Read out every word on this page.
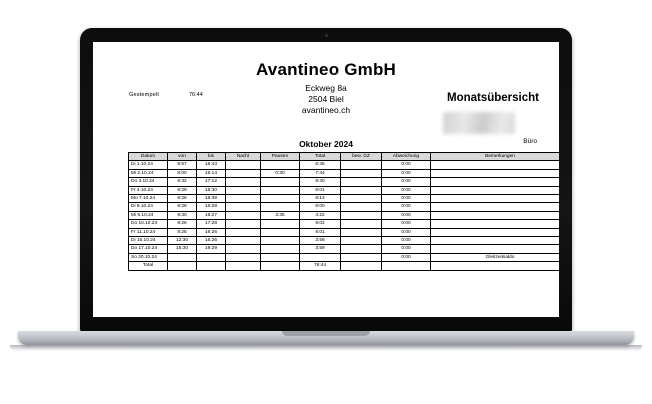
Gestempelt	76:44
Avantineo GmbH
Eckweg 8a
2504 Biel
avantineo.ch
Monatsübersicht
Büro
Oktober 2024
Datum	von	bis	Nacht	Pausen	Total	bew. GZ	Abweichung	Bemerkungen
Di 1.10.24	9:57	16:43			6:45		0:00	
Mi 2.10.24	8:00	16:14		0:30	7:44		0:00	
Do 3.10.24	8:32	17:12			8:40		0:00	
Fr 4.10.24	8:29	16:30			8:01		0:00	
Mo 7.10.24	8:26	16:39			8:13		0:00	
Di 8.10.24	8:28	16:28			8:00		0:00	
Mi 9.10.24	8:30	16:27		3:35	4:22		0:00	
Do 10.10.24	8:26	17:28			9:02		0:00	
Fr 11.10.24	8:25	16:26			8:01		0:00	
Di 15.10.24	12:30	16:26			3:56		0:00	
Do 17.10.24	15:30	19:29			3:59		0:00	
So 20.10.24							0:00	Gleitzeitsaldo
Total					76:44			
